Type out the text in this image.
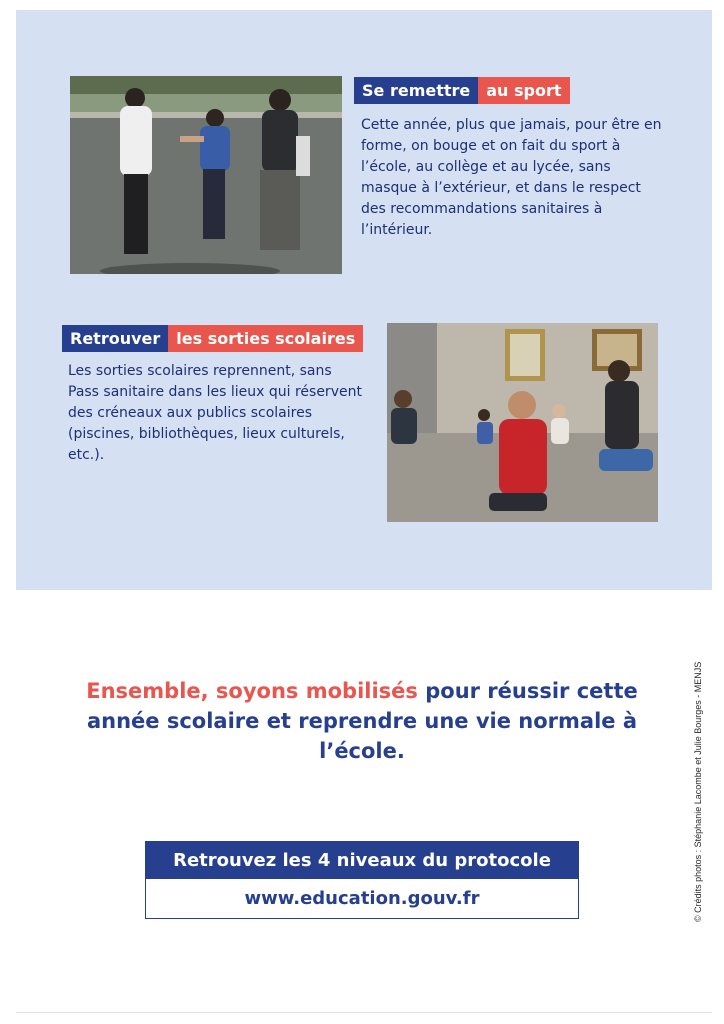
Se remettre	au sport

Cette année, plus que jamais, pour être en forme, on bouge et on fait du sport à l’école, au collège et au lycée, sans masque à l’extérieur, et dans le respect des recommandations sanitaires à l’intérieur.

Retrouver	les sorties scolaires

Les sorties scolaires reprennent, sans Pass sanitaire dans les lieux qui réservent des créneaux aux publics scolaires (piscines, bibliothèques, lieux culturels, etc.).

Ensemble, soyons mobilisés pour réussir cette année scolaire et reprendre une vie normale à l’école.

Retrouvez les 4 niveaux du protocole
www.education.gouv.fr	© Crédits photos : Stéphanie Lacombe et Julie Bourges - MENJS
